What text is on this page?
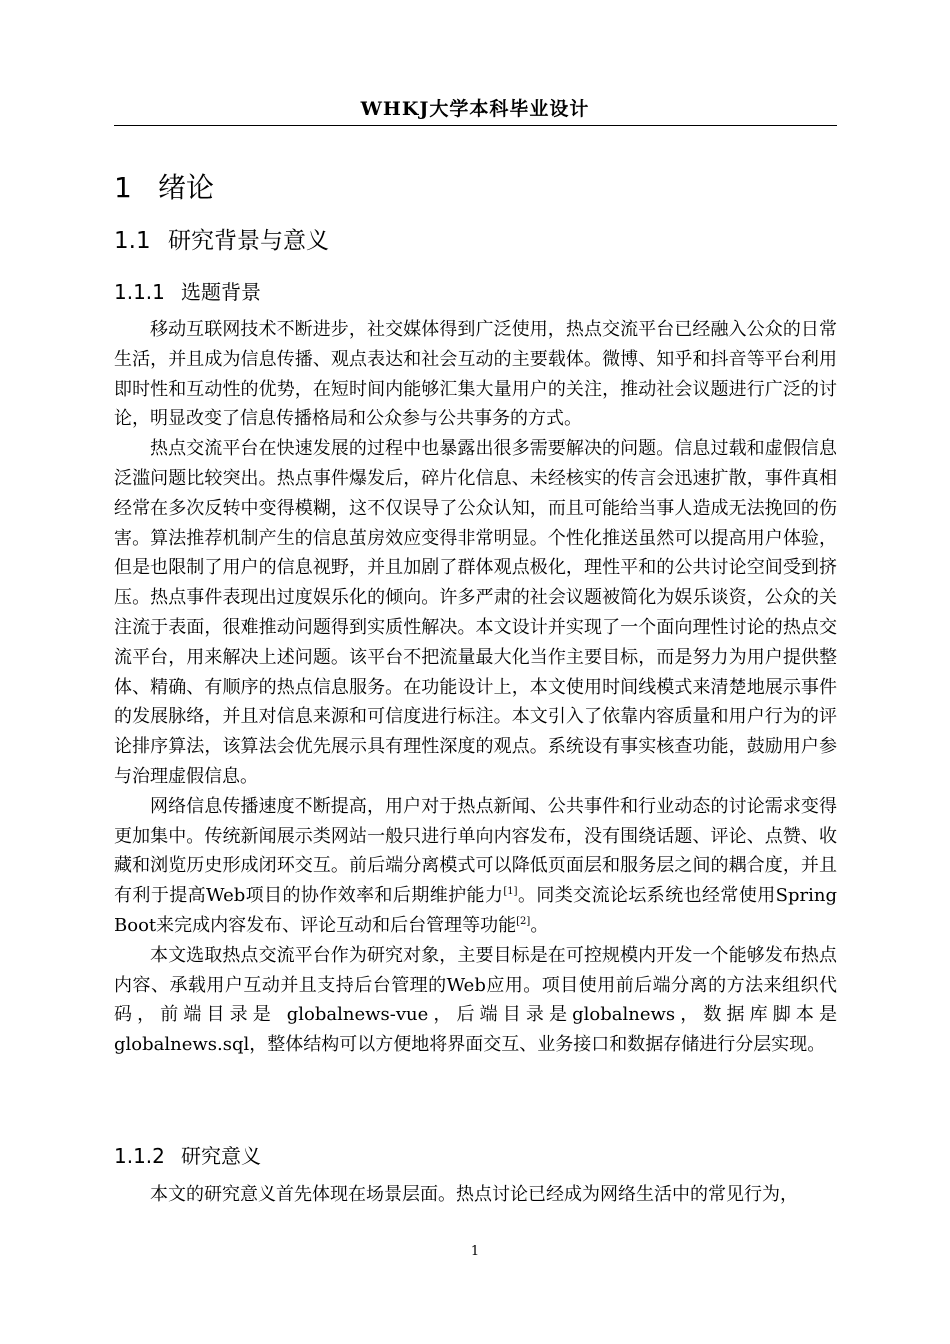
WHKJ大学本科毕业设计
1 绪论
1.1 研究背景与意义
1.1.1 选题背景

移动互联网技术不断进步，社交媒体得到广泛使用，热点交流平台已经融入公众的日常生活，并且成为信息传播、观点表达和社会互动的主要载体。微博、知乎和抖音等平台利用即时性和互动性的优势，在短时间内能够汇集大量用户的关注，推动社会议题进行广泛的讨论，明显改变了信息传播格局和公众参与公共事务的方式。

热点交流平台在快速发展的过程中也暴露出很多需要解决的问题。信息过载和虚假信息泛滥问题比较突出。热点事件爆发后，碎片化信息、未经核实的传言会迅速扩散，事件真相经常在多次反转中变得模糊，这不仅误导了公众认知，而且可能给当事人造成无法挽回的伤害。算法推荐机制产生的信息茧房效应变得非常明显。个性化推送虽然可以提高用户体验，但是也限制了用户的信息视野，并且加剧了群体观点极化，理性平和的公共讨论空间受到挤压。热点事件表现出过度娱乐化的倾向。许多严肃的社会议题被简化为娱乐谈资，公众的关注流于表面，很难推动问题得到实质性解决。本文设计并实现了一个面向理性讨论的热点交流平台，用来解决上述问题。该平台不把流量最大化当作主要目标，而是努力为用户提供整体、精确、有顺序的热点信息服务。在功能设计上，本文使用时间线模式来清楚地展示事件的发展脉络，并且对信息来源和可信度进行标注。本文引入了依靠内容质量和用户行为的评论排序算法，该算法会优先展示具有理性深度的观点。系统设有事实核查功能，鼓励用户参与治理虚假信息。

网络信息传播速度不断提高，用户对于热点新闻、公共事件和行业动态的讨论需求变得更加集中。传统新闻展示类网站一般只进行单向内容发布，没有围绕话题、评论、点赞、收藏和浏览历史形成闭环交互。前后端分离模式可以降低页面层和服务层之间的耦合度，并且有利于提高Web项目的协作效率和后期维护能力[1]。同类交流论坛系统也经常使用Spring Boot来完成内容发布、评论互动和后台管理等功能[2]。

本文选取热点交流平台作为研究对象，主要目标是在可控规模内开发一个能够发布热点内容、承载用户互动并且支持后台管理的Web应用。项目使用前后端分离的方法来组织代码，前端目录是 globalnews-vue，后端目录是globalnews，数据库脚本是globalnews.sql，整体结构可以方便地将界面交互、业务接口和数据存储进行分层实现。

1.1.2 研究意义

本文的研究意义首先体现在场景层面。热点讨论已经成为网络生活中的常见行为，

1
